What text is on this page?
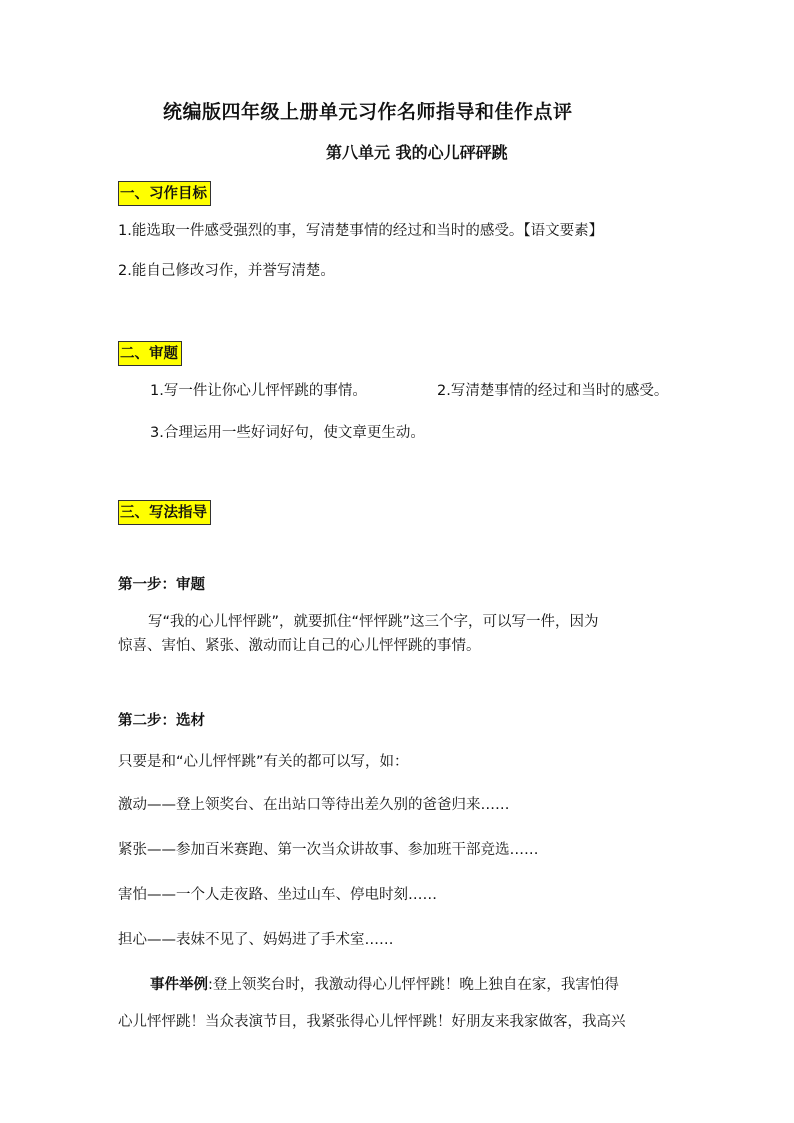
统编版四年级上册单元习作名师指导和佳作点评
第八单元 我的心儿砰砰跳
一、习作目标
1.能选取一件感受强烈的事，写清楚事情的经过和当时的感受。【语文要素】
2.能自己修改习作，并誉写清楚。
二、审题
1.写一件让你心儿怦怦跳的事情。	2.写清楚事情的经过和当时的感受。
3.合理运用一些好词好句，使文章更生动。
三、写法指导
第一步：审题
写“我的心儿怦怦跳”，就要抓住“怦怦跳”这三个字，可以写一件，因为
惊喜、害怕、紧张、激动而让自己的心儿怦怦跳的事情。
第二步：选材
只要是和“心儿怦怦跳”有关的都可以写，如：
激动——登上领奖台、在出站口等待出差久别的爸爸归来……
紧张——参加百米赛跑、第一次当众讲故事、参加班干部竞选……
害怕——一个人走夜路、坐过山车、停电时刻……
担心——表妹不见了、妈妈进了手术室……
事件举例:登上领奖台时，我激动得心儿怦怦跳！晚上独自在家，我害怕得
心儿怦怦跳！当众表演节目，我紧张得心儿怦怦跳！好朋友来我家做客，我高兴
